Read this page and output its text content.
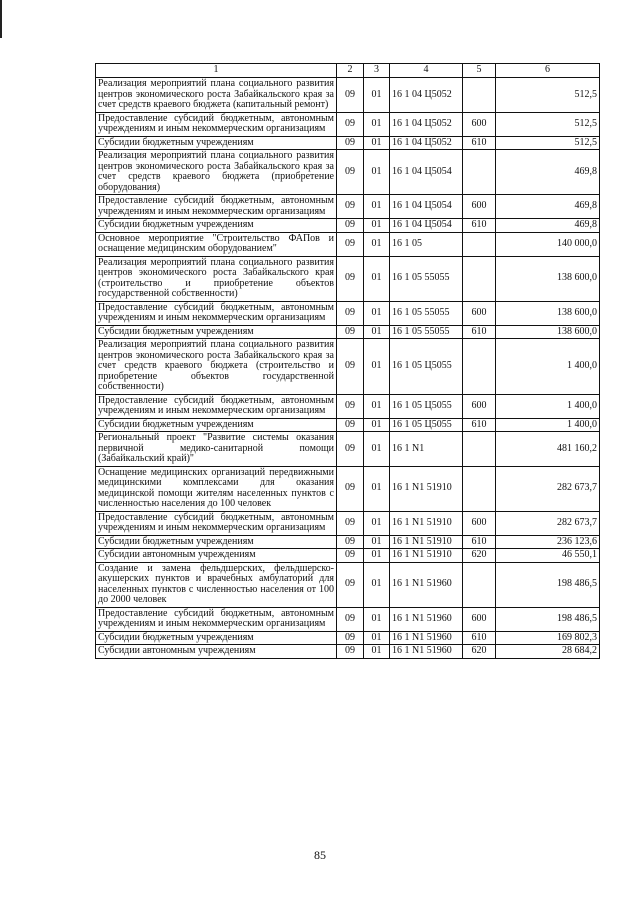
1	2	3	4	5	6
Реализация мероприятий плана социального развития центров экономического роста Забайкальского края за счет средств краевого бюджета (капитальный ремонт)	09	01	16 1 04 Ц5052		512,5
Предоставление субсидий бюджетным, автономным учреждениям и иным некоммерческим организациям	09	01	16 1 04 Ц5052	600	512,5
Субсидии бюджетным учреждениям	09	01	16 1 04 Ц5052	610	512,5
Реализация мероприятий плана социального развития центров экономического роста Забайкальского края за счет средств краевого бюджета (приобретение оборудования)	09	01	16 1 04 Ц5054		469,8
Предоставление субсидий бюджетным, автономным учреждениям и иным некоммерческим организациям	09	01	16 1 04 Ц5054	600	469,8
Субсидии бюджетным учреждениям	09	01	16 1 04 Ц5054	610	469,8
Основное мероприятие "Строительство ФАПов и оснащение медицинским оборудованием"	09	01	16 1 05		140 000,0
Реализация мероприятий плана социального развития центров экономического роста Забайкальского края (строительство и приобретение объектов государственной собственности)	09	01	16 1 05 55055		138 600,0
Предоставление субсидий бюджетным, автономным учреждениям и иным некоммерческим организациям	09	01	16 1 05 55055	600	138 600,0
Субсидии бюджетным учреждениям	09	01	16 1 05 55055	610	138 600,0
Реализация мероприятий плана социального развития центров экономического роста Забайкальского края за счет средств краевого бюджета (строительство и приобретение объектов государственной собственности)	09	01	16 1 05 Ц5055		1 400,0
Предоставление субсидий бюджетным, автономным учреждениям и иным некоммерческим организациям	09	01	16 1 05 Ц5055	600	1 400,0
Субсидии бюджетным учреждениям	09	01	16 1 05 Ц5055	610	1 400,0
Региональный проект "Развитие системы оказания первичной медико-санитарной помощи (Забайкальский край)"	09	01	16 1 N1		481 160,2
Оснащение медицинских организаций передвижными медицинскими комплексами для оказания медицинской помощи жителям населенных пунктов с численностью населения до 100 человек	09	01	16 1 N1 51910		282 673,7
Предоставление субсидий бюджетным, автономным учреждениям и иным некоммерческим организациям	09	01	16 1 N1 51910	600	282 673,7
Субсидии бюджетным учреждениям	09	01	16 1 N1 51910	610	236 123,6
Субсидии автономным учреждениям	09	01	16 1 N1 51910	620	46 550,1
Создание и замена фельдшерских, фельдшерско-акушерских пунктов и врачебных амбулаторий для населенных пунктов с численностью населения от 100 до 2000 человек	09	01	16 1 N1 51960		198 486,5
Предоставление субсидий бюджетным, автономным учреждениям и иным некоммерческим организациям	09	01	16 1 N1 51960	600	198 486,5
Субсидии бюджетным учреждениям	09	01	16 1 N1 51960	610	169 802,3
Субсидии автономным учреждениям	09	01	16 1 N1 51960	620	28 684,2
85
